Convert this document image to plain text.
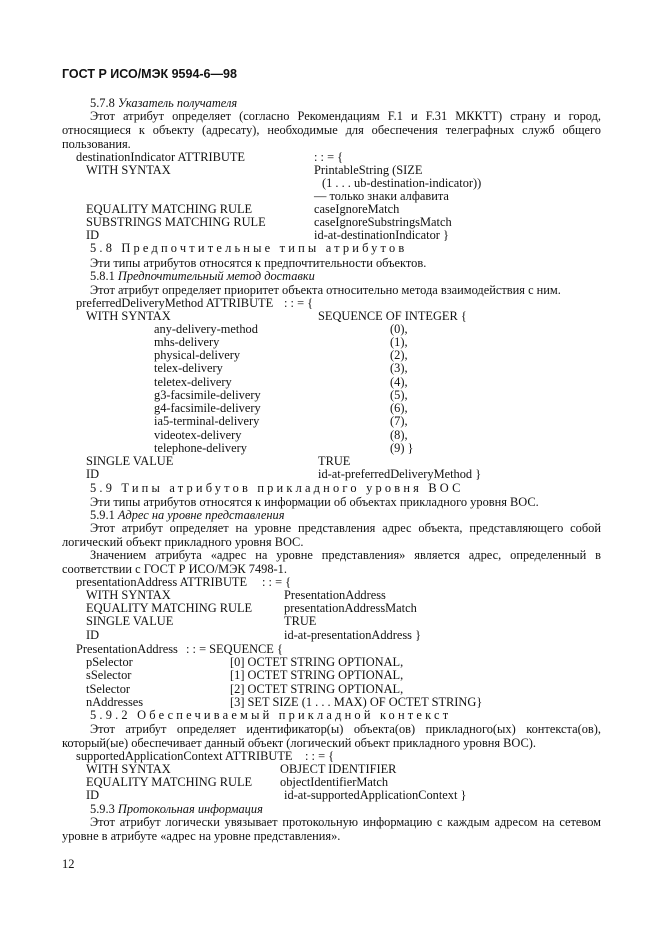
ГОСТ Р ИСО/МЭК 9594-6—98
5.7.8 Указатель получателя
Этот атрибут определяет (согласно Рекомендациям F.1 и F.31 МККТТ) страну и город, относящиеся к объекту (адресату), необходимые для обеспечения телеграфных служб общего пользования.
destinationIndicator ATTRIBUTE	: : = {
WITH SYNTAX	PrintableString (SIZE
(1 . . . ub-destination-indicator))
— только знаки алфавита
EQUALITY MATCHING RULE	caseIgnoreMatch
SUBSTRINGS MATCHING RULE	caseIgnoreSubstringsMatch
ID	id-at-destinationIndicator }
5.8 Предпочтительные типы атрибутов
Эти типы атрибутов относятся к предпочтительности объектов.
5.8.1 Предпочтительный метод доставки
Этот атрибут определяет приоритет объекта относительно метода взаимодействия с ним.
preferredDeliveryMethod ATTRIBUTE : : = {
WITH SYNTAX	SEQUENCE OF INTEGER {
any-delivery-method	(0),
mhs-delivery	(1),
physical-delivery	(2),
telex-delivery	(3),
teletex-delivery	(4),
g3-facsimile-delivery	(5),
g4-facsimile-delivery	(6),
ia5-terminal-delivery	(7),
videotex-delivery	(8),
telephone-delivery	(9) }
SINGLE VALUE	TRUE
ID	id-at-preferredDeliveryMethod }
5.9 Типы атрибутов прикладного уровня ВОС
Эти типы атрибутов относятся к информации об объектах прикладного уровня ВОС.
5.9.1 Адрес на уровне представления
Этот атрибут определяет на уровне представления адрес объекта, представляющего собой логический объект прикладного уровня ВОС.
Значением атрибута «адрес на уровне представления» является адрес, определенный в соответствии с ГОСТ Р ИСО/МЭК 7498-1.
presentationAddress ATTRIBUTE : : = {
WITH SYNTAX	PresentationAddress
EQUALITY MATCHING RULE	presentationAddressMatch
SINGLE VALUE	TRUE
ID	id-at-presentationAddress }
PresentationAddress : : = SEQUENCE {
pSelector	[0] OCTET STRING OPTIONAL,
sSelector	[1] OCTET STRING OPTIONAL,
tSelector	[2] OCTET STRING OPTIONAL,
nAddresses	[3] SET SIZE (1 . . . MAX) OF OCTET STRING}
5.9.2 Обеспечиваемый прикладной контекст
Этот атрибут определяет идентификатор(ы) объекта(ов) прикладного(ых) контекста(ов), который(ые) обеспечивает данный объект (логический объект прикладного уровня ВОС).
supportedApplicationContext ATTRIBUTE : : = {
WITH SYNTAX	OBJECT IDENTIFIER
EQUALITY MATCHING RULE objectIdentifierMatch
ID	id-at-supportedApplicationContext }
5.9.3 Протокольная информация
Этот атрибут логически увязывает протокольную информацию с каждым адресом на сетевом уровне в атрибуте «адрес на уровне представления».
12
